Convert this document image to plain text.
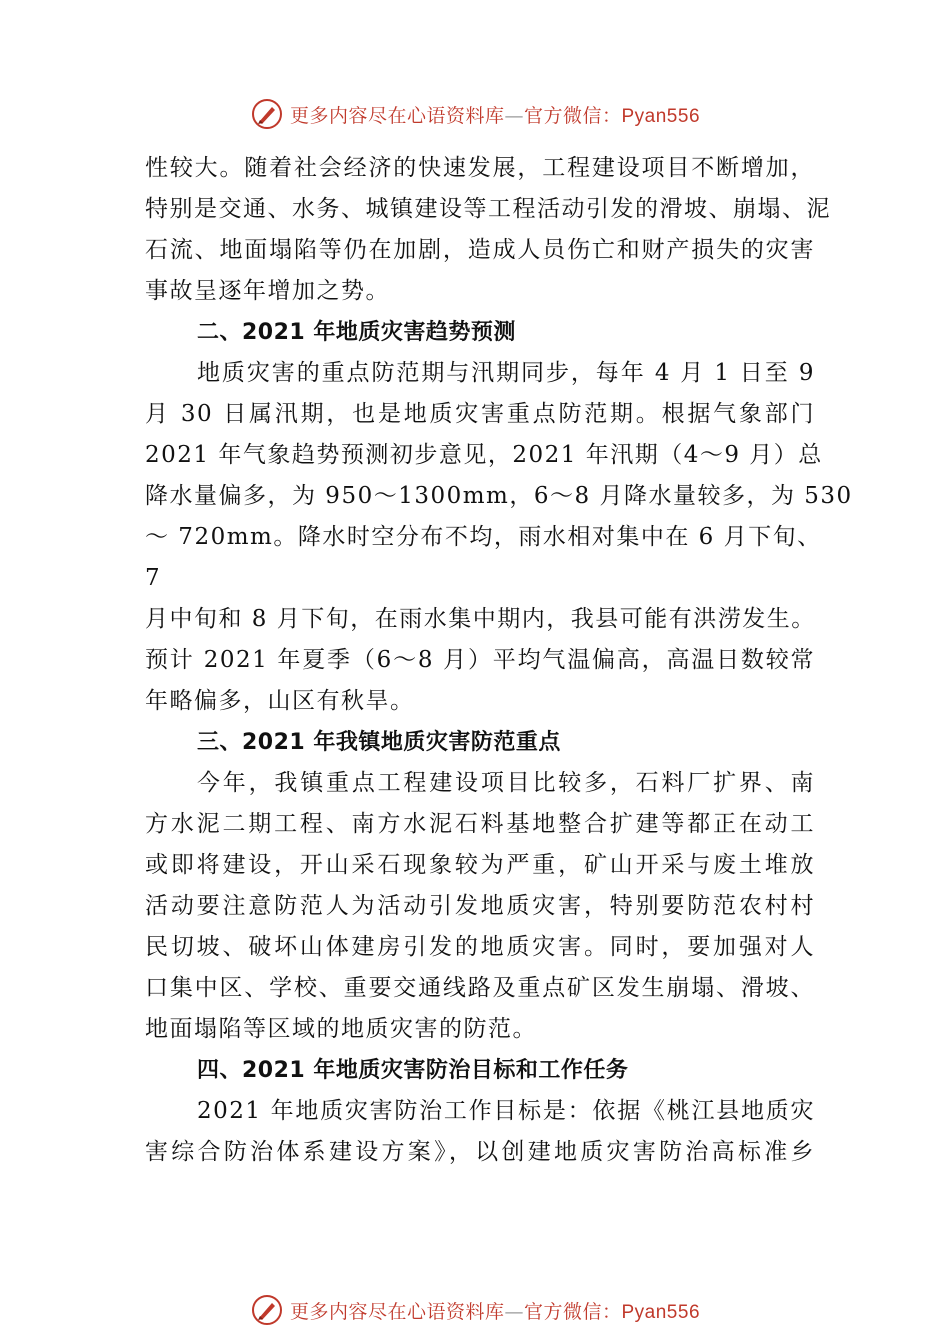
更多内容尽在心语资料库—官方微信：Pyan556
性较大。随着社会经济的快速发展，工程建设项目不断增加，
特别是交通、水务、城镇建设等工程活动引发的滑坡、崩塌、泥
石流、地面塌陷等仍在加剧，造成人员伤亡和财产损失的灾害
事故呈逐年增加之势。
二、2021 年地质灾害趋势预测
地质灾害的重点防范期与汛期同步，每年 4 月 1 日至 9
月 30 日属汛期，也是地质灾害重点防范期。根据气象部门
2021 年气象趋势预测初步意见，2021 年汛期（4～9 月）总
降水量偏多，为 950～1300mm，6～8 月降水量较多，为 530
～ 720mm。降水时空分布不均，雨水相对集中在 6 月下旬、
7
月中旬和 8 月下旬，在雨水集中期内，我县可能有洪涝发生。
预计 2021 年夏季（6～8 月）平均气温偏高，高温日数较常
年略偏多，山区有秋旱。
三、2021 年我镇地质灾害防范重点
今年，我镇重点工程建设项目比较多，石料厂扩界、南
方水泥二期工程、南方水泥石料基地整合扩建等都正在动工
或即将建设，开山采石现象较为严重，矿山开采与废土堆放
活动要注意防范人为活动引发地质灾害，特别要防范农村村
民切坡、破坏山体建房引发的地质灾害。同时，要加强对人
口集中区、学校、重要交通线路及重点矿区发生崩塌、滑坡、
地面塌陷等区域的地质灾害的防范。
四、2021 年地质灾害防治目标和工作任务
2021 年地质灾害防治工作目标是：依据《桃江县地质灾
害综合防治体系建设方案》，以创建地质灾害防治高标准乡
更多内容尽在心语资料库—官方微信：Pyan556
